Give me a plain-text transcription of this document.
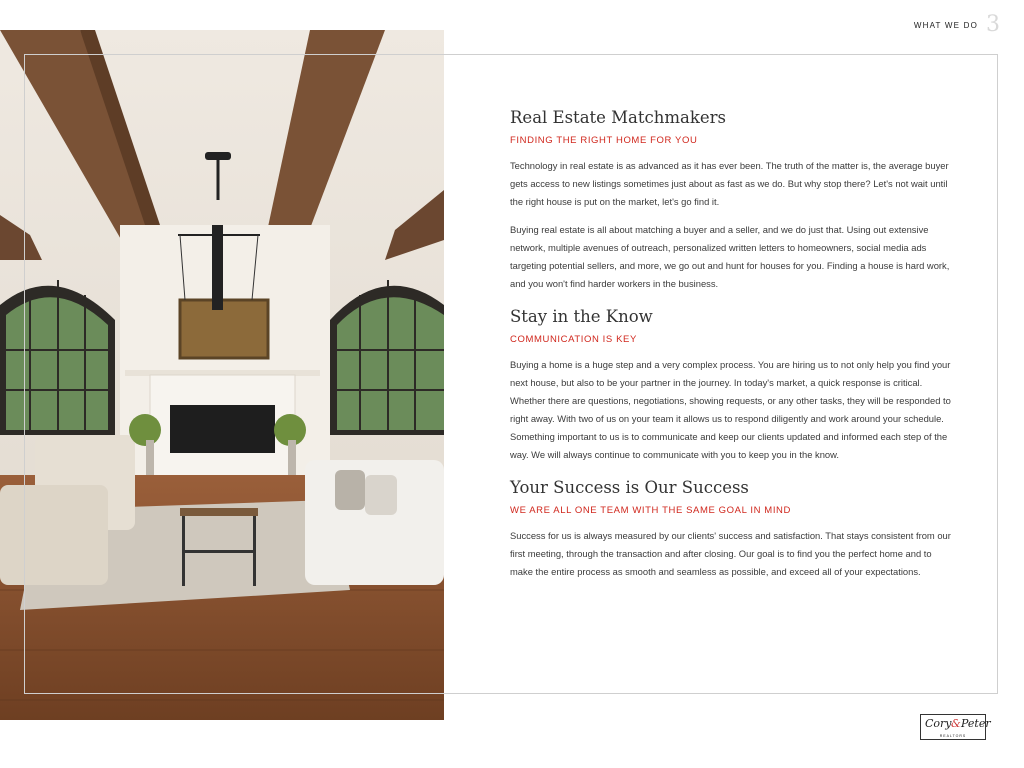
WHAT WE DO 3
Real Estate Matchmakers
FINDING THE RIGHT HOME FOR YOU

Technology in real estate is as advanced as it has ever been. The truth of the matter is, the average buyer gets access to new listings sometimes just about as fast as we do. But why stop there? Let's not wait until the right house is put on the market, let's go find it.

Buying real estate is all about matching a buyer and a seller, and we do just that. Using out extensive network, multiple avenues of outreach, personalized written letters to homeowners, social media ads targeting potential sellers, and more, we go out and hunt for houses for you. Finding a house is hard work, and you won't find harder workers in the business.

Stay in the Know
COMMUNICATION IS KEY

Buying a home is a huge step and a very complex process. You are hiring us to not only help you find your next house, but also to be your partner in the journey. In today's market, a quick response is critical. Whether there are questions, negotiations, showing requests, or any other tasks, they will be responded to right away. With two of us on your team it allows us to respond diligently and work around your schedule. Something important to us is to communicate and keep our clients updated and informed each step of the way. We will always continue to communicate with you to keep you in the know.

Your Success is Our Success
WE ARE ALL ONE TEAM WITH THE SAME GOAL IN MIND

Success for us is always measured by our clients' success and satisfaction. That stays consistent from our first meeting, through the transaction and after closing. Our goal is to find you the perfect home and to make the entire process as smooth and seamless as possible, and exceed all of your expectations.

Cory & Peter
REALTORS
